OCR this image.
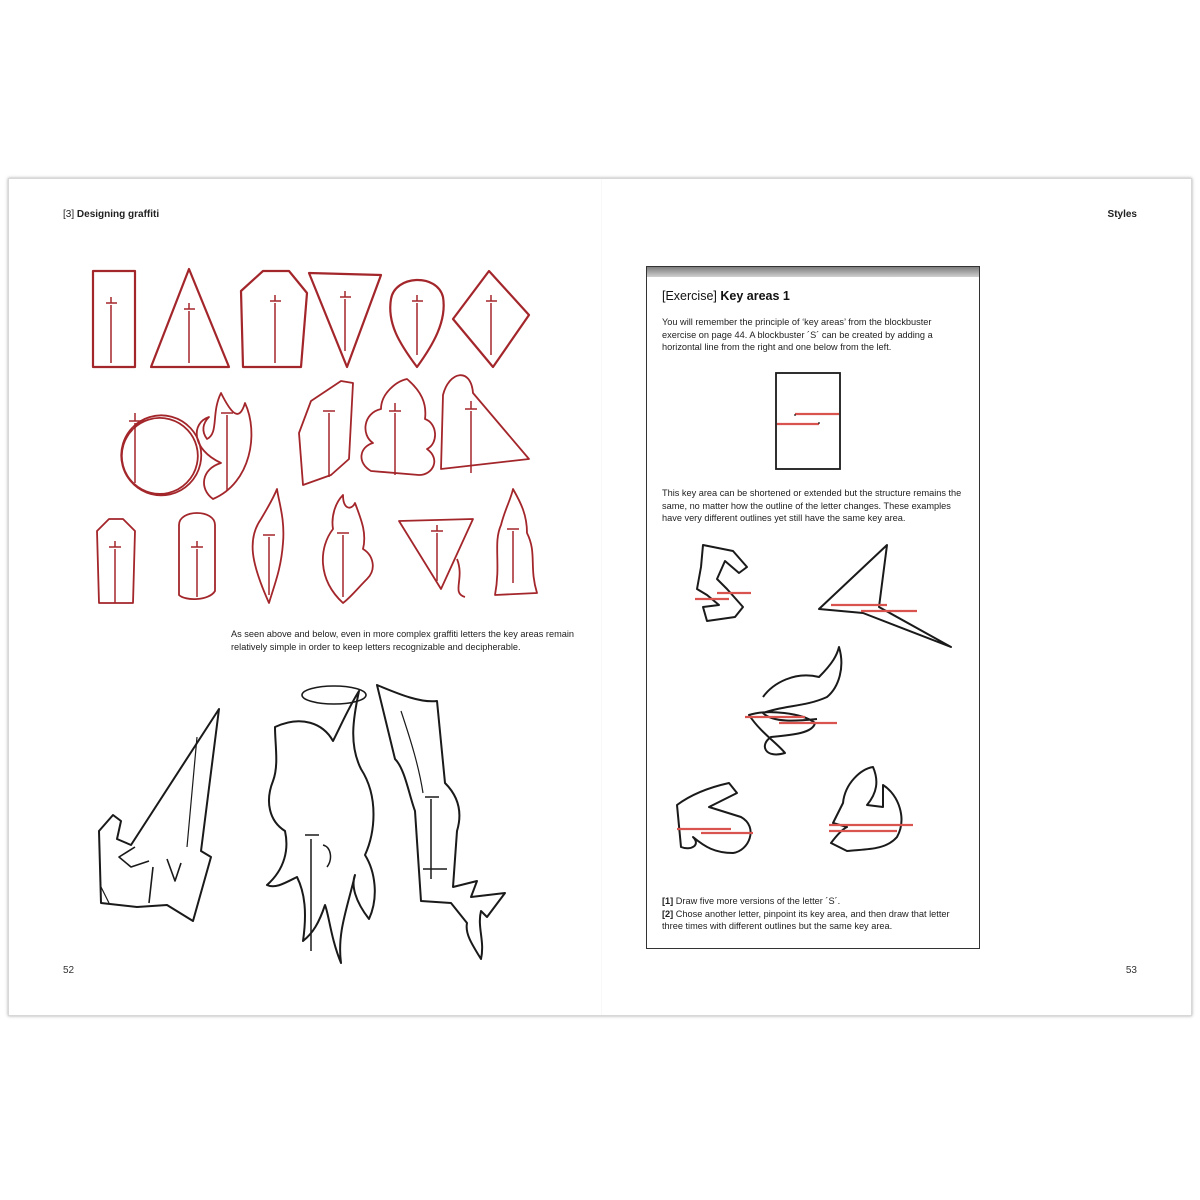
[3] Designing graffiti	Styles
As seen above and below, even in more complex graffiti letters the key areas remain relatively simple in order to keep letters recognizable and decipherable.
52
[Exercise] Key areas 1
You will remember the principle of ‘key areas’ from the blockbuster exercise on page 44. A blockbuster ´S´ can be created by adding a horizontal line from the right and one below from the left.
This key area can be shortened or extended but the structure remains the same, no matter how the outline of the letter changes. These examples have very different outlines yet still have the same key area.
[1] Draw five more versions of the letter ´S´.
[2] Chose another letter, pinpoint its key area, and then draw that letter three times with different outlines but the same key area.
53
